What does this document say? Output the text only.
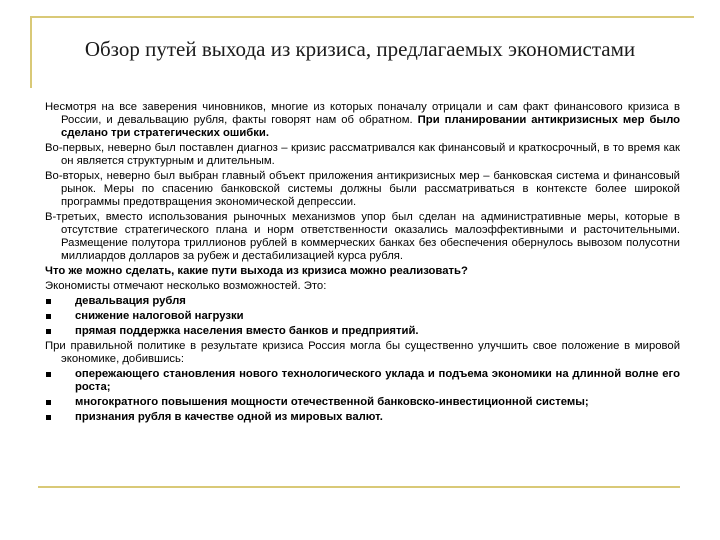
Обзор путей выхода из кризиса, предлагаемых экономистами
Несмотря на все заверения чиновников, многие из которых поначалу отрицали и сам факт финансового кризиса в России, и девальвацию рубля, факты говорят нам об обратном. При планировании антикризисных мер было сделано три стратегических ошибки.
Во-первых, неверно был поставлен диагноз – кризис рассматривался как финансовый и краткосрочный, в то время как он является структурным и длительным.
Во-вторых, неверно был выбран главный объект приложения антикризисных мер – банковская система и финансовый рынок. Меры по спасению банковской системы должны были рассматриваться в контексте более широкой программы предотвращения экономической депрессии.
В-третьих, вместо использования рыночных механизмов упор был сделан на административные меры, которые в отсутствие стратегического плана и норм ответственности оказались малоэффективными и расточительными. Размещение полутора триллионов рублей в коммерческих банках без обеспечения обернулось вывозом полусотни миллиардов долларов за рубеж и дестабилизацией курса рубля.
Что же можно сделать, какие пути выхода из кризиса можно реализовать?
Экономисты отмечают несколько возможностей. Это:
девальвация рубля
снижение налоговой нагрузки
прямая поддержка населения вместо банков и предприятий.
При правильной политике в результате кризиса Россия могла бы существенно улучшить свое положение в мировой экономике, добившись:
опережающего становления нового технологического уклада и подъема экономики на длинной волне его роста;
многократного повышения мощности отечественной банковско-инвестиционной системы;
признания рубля в качестве одной из мировых валют.
